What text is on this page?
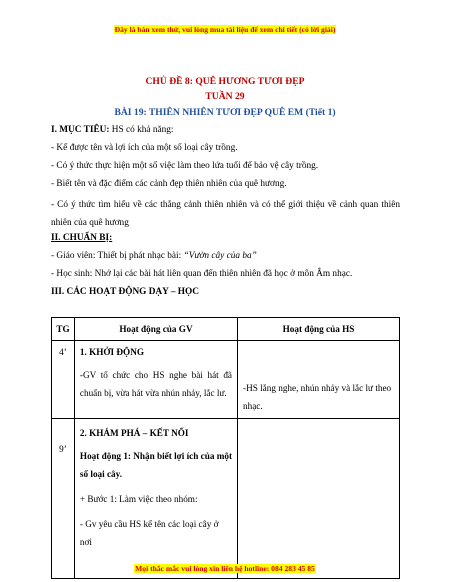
Đây là bản xem thử, vui lòng mua tài liệu để xem chi tiết (có lời giải)
CHỦ ĐỀ 8: QUÊ HƯƠNG TƯƠI ĐẸP
TUẦN 29
BÀI 19: THIÊN NHIÊN TƯƠI ĐẸP QUÊ EM (Tiết 1)
I. MỤC TIÊU: HS có khả năng:
- Kể được tên và lợi ích của một số loại cây trồng.
- Có ý thức thực hiện một số việc làm theo lứa tuổi để bảo vệ cây trồng.
- Biết tên và đặc điểm các cảnh đẹp thiên nhiên của quê hương.
- Có ý thức tìm hiểu về các thắng cảnh thiên nhiên và có thể giới thiệu về cảnh quan thiên nhiên của quê hương
II. CHUẨN BỊ:
- Giáo viên: Thiết bị phát nhạc bài: “Vườn cây của ba”
- Học sinh: Nhớ lại các bài hát liên quan đến thiên nhiên đã học ở môn Âm nhạc.
III. CÁC HOẠT ĐỘNG DẠY – HỌC
TG	Hoạt động của GV	Hoạt động của HS

4’	1. KHỞI ĐỘNG
-GV tổ chức cho HS nghe bài hát đã chuẩn bị, vừa hát vừa nhún nhảy, lắc lư.	-HS lắng nghe, nhún nhảy và lắc lư theo nhạc.

9’	2. KHÁM PHÁ – KẾT NỐI
Hoạt động 1: Nhận biết lợi ích của một số loại cây.
+ Bước 1: Làm việc theo nhóm:
- Gv yêu cầu HS kể tên các loại cây ở nơi	

Mọi thắc mắc vui lòng xin liên hệ hotline: 084 283 45 85
